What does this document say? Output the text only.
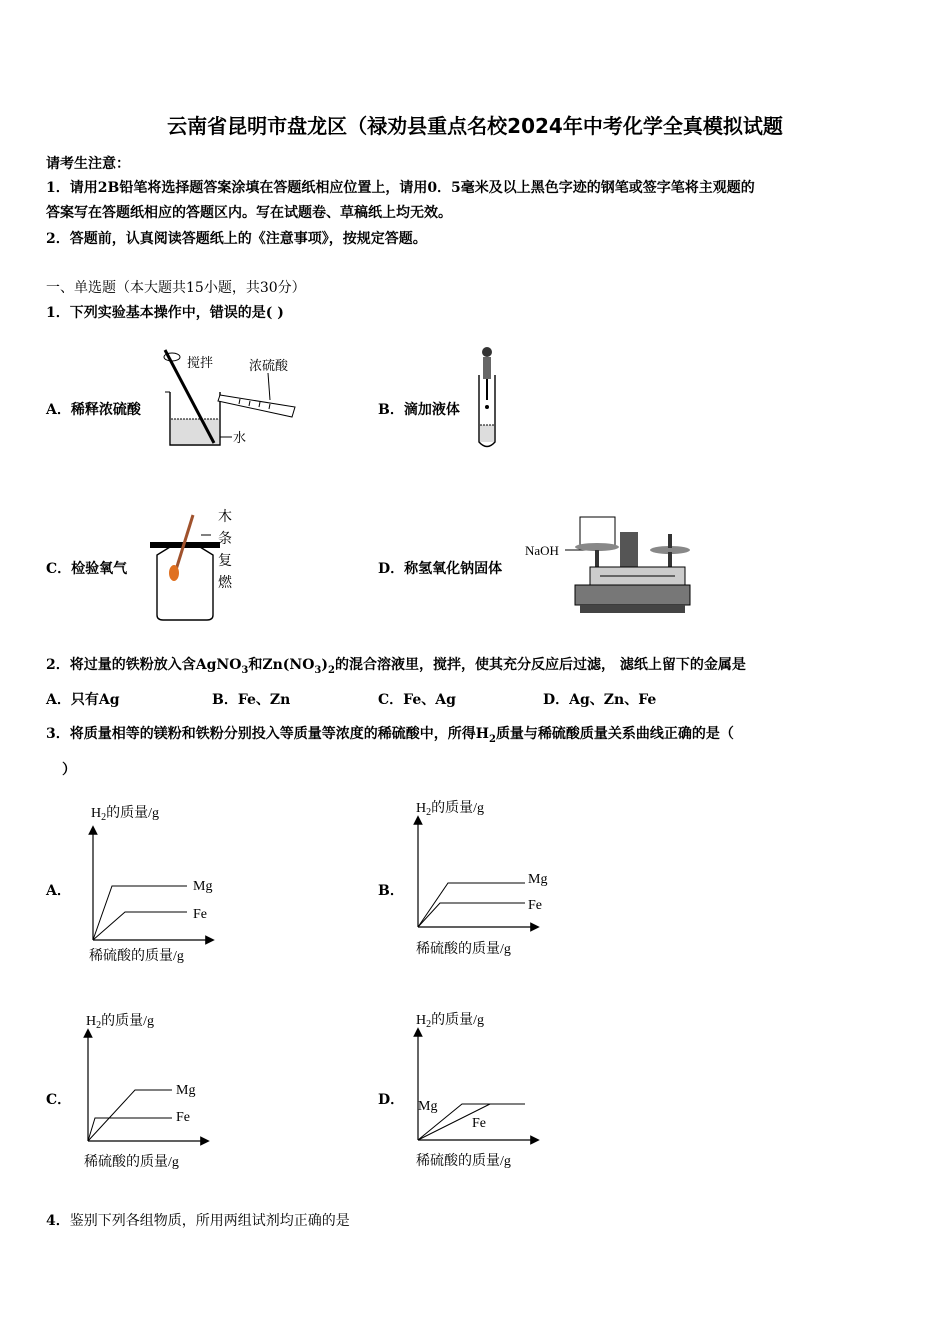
云南省昆明市盘龙区（禄劝县重点名校2024年中考化学全真模拟试题
请考生注意：
1．请用2B铅笔将选择题答案涂填在答题纸相应位置上，请用0．5毫米及以上黑色字迹的钢笔或签字笔将主观题的
答案写在答题纸相应的答题区内。写在试题卷、草稿纸上均无效。
2．答题前，认真阅读答题纸上的《注意事项》，按规定答题。
一、单选题（本大题共15小题，共30分）
1．下列实验基本操作中，错误的是( )
A．稀释浓硫酸	B．滴加液体
C．检验氧气	D．称氢氧化钠固体
搅拌	浓硫酸
水
木
条
复
燃
NaOH
2．将过量的铁粉放入含AgNO$_3$和$Zn(NO_3)_2$的混合溶液里，搅拌，使其充分反应后过滤， 滤纸上留下的金属是
A．只有Ag	B．Fe、Zn	C．Fe、Ag	D．Ag、Zn、Fe
3．将质量相等的镁粉和铁粉分别投入等质量等浓度的稀硫酸中，所得$H_2$质量与稀硫酸质量关系曲线正确的是（
）
A．	B．
C．	D．
$H_2$的质量/g
Mg
Fe
稀硫酸的质量/g
$H_2$的质量/g
Mg
Fe
稀硫酸的质量/g
$H_2$的质量/g
Mg
Fe
稀硫酸的质量/g
$H_2$的质量/g
Mg
Fe
稀硫酸的质量/g
4．鉴别下列各组物质，所用两组试剂均正确的是
